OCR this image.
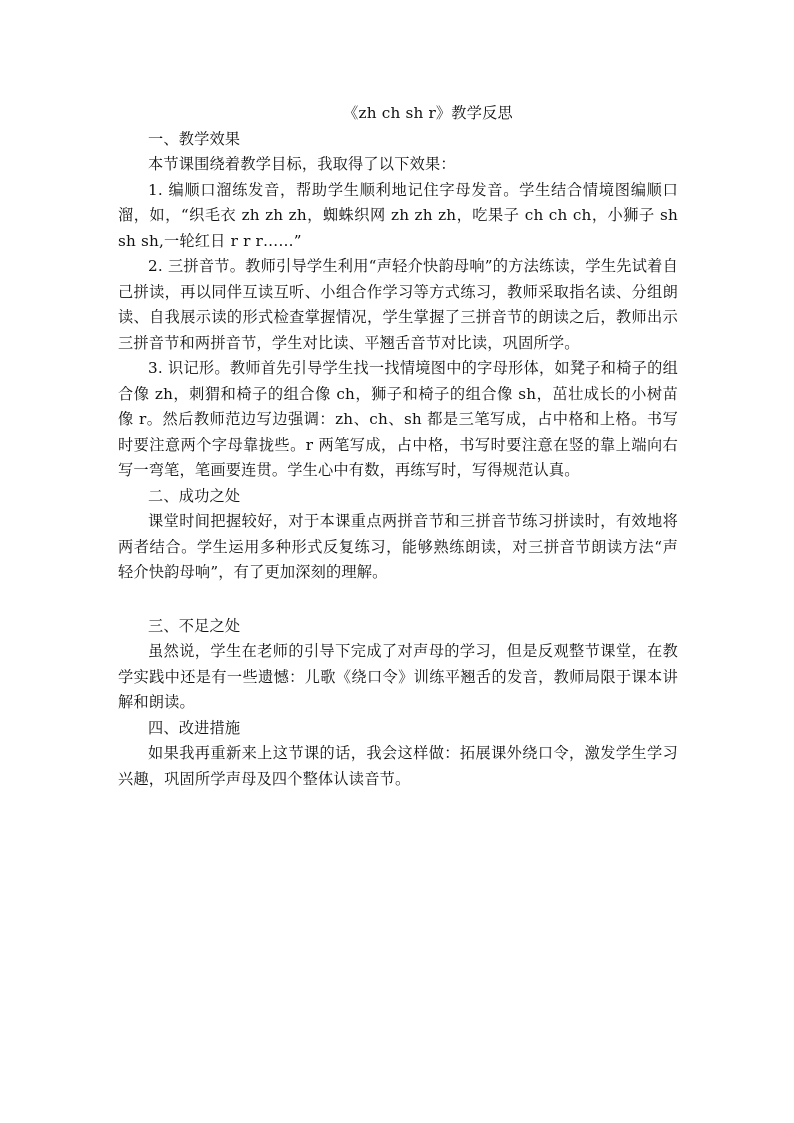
《zh ch sh r》教学反思

一、教学效果

本节课围绕着教学目标，我取得了以下效果：

1. 编顺口溜练发音，帮助学生顺利地记住字母发音。学生结合情境图编顺口溜，如，“织毛衣 zh zh zh，蜘蛛织网 zh zh zh，吃果子 ch ch ch，小狮子 sh sh sh,一轮红日 r r r……”

2. 三拼音节。教师引导学生利用“声轻介快韵母响”的方法练读，学生先试着自己拼读，再以同伴互读互听、小组合作学习等方式练习，教师采取指名读、分组朗读、自我展示读的形式检查掌握情况，学生掌握了三拼音节的朗读之后，教师出示三拼音节和两拼音节，学生对比读、平翘舌音节对比读，巩固所学。

3. 识记形。教师首先引导学生找一找情境图中的字母形体，如凳子和椅子的组合像 zh，刺猬和椅子的组合像 ch，狮子和椅子的组合像 sh，茁壮成长的小树苗像 r。然后教师范边写边强调：zh、ch、sh 都是三笔写成，占中格和上格。书写时要注意两个字母靠拢些。r 两笔写成，占中格，书写时要注意在竖的靠上端向右写一弯笔，笔画要连贯。学生心中有数，再练写时，写得规范认真。

二、成功之处

课堂时间把握较好，对于本课重点两拼音节和三拼音节练习拼读时，有效地将两者结合。学生运用多种形式反复练习，能够熟练朗读，对三拼音节朗读方法“声轻介快韵母响”，有了更加深刻的理解。

三、不足之处

虽然说，学生在老师的引导下完成了对声母的学习，但是反观整节课堂，在教学实践中还是有一些遗憾：儿歌《绕口令》训练平翘舌的发音，教师局限于课本讲解和朗读。

四、改进措施

如果我再重新来上这节课的话，我会这样做：拓展课外绕口令，激发学生学习兴趣，巩固所学声母及四个整体认读音节。
